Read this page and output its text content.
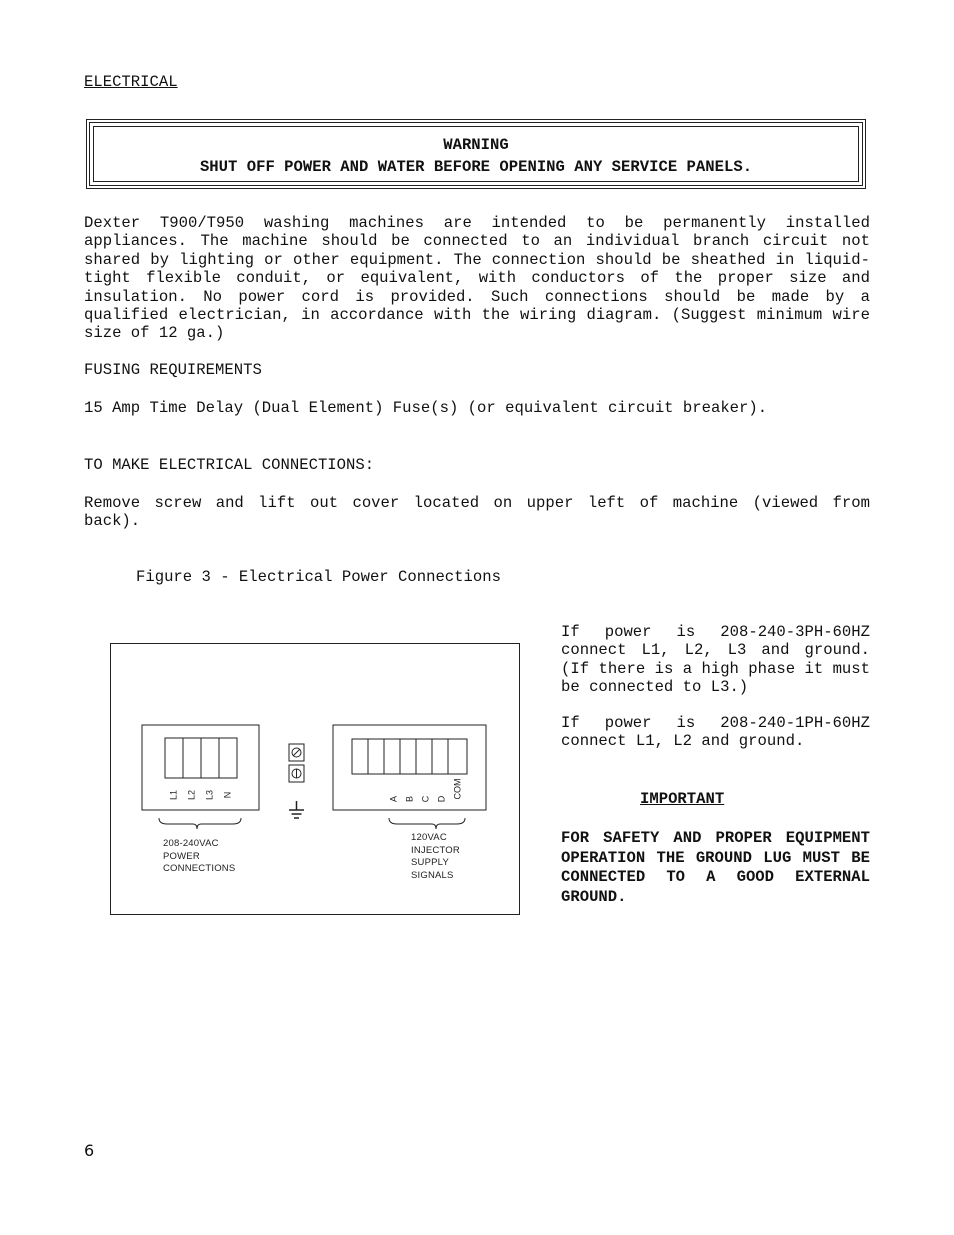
ELECTRICAL
WARNING
SHUT OFF POWER AND WATER BEFORE OPENING ANY SERVICE PANELS.
Dexter T900/T950 washing machines are intended to be permanently installed appliances. The machine should be connected to an individual branch circuit not shared by lighting or other equipment. The connection should be sheathed in liquid-tight flexible conduit, or equivalent, with conductors of the proper size and insulation. No power cord is provided. Such connections should be made by a qualified electrician, in accordance with the wiring diagram. (Suggest minimum wire size of 12 ga.)
FUSING REQUIREMENTS
15 Amp Time Delay (Dual Element) Fuse(s) (or equivalent circuit breaker).
TO MAKE ELECTRICAL CONNECTIONS:
Remove screw and lift out cover located on upper left of machine (viewed from back).
Figure 3 - Electrical Power Connections
L1 L2 L3 N
A B C D COM
208-240VAC
POWER
CONNECTIONS
120VAC
INJECTOR
SUPPLY
SIGNALS
If power is 208-240-3PH-60HZ connect L1, L2, L3 and ground. (If there is a high phase it must be connected to L3.)
If power is 208-240-1PH-60HZ connect L1, L2 and ground.
IMPORTANT
FOR SAFETY AND PROPER EQUIPMENT OPERATION THE GROUND LUG MUST BE CONNECTED TO A GOOD EXTERNAL GROUND.
6
